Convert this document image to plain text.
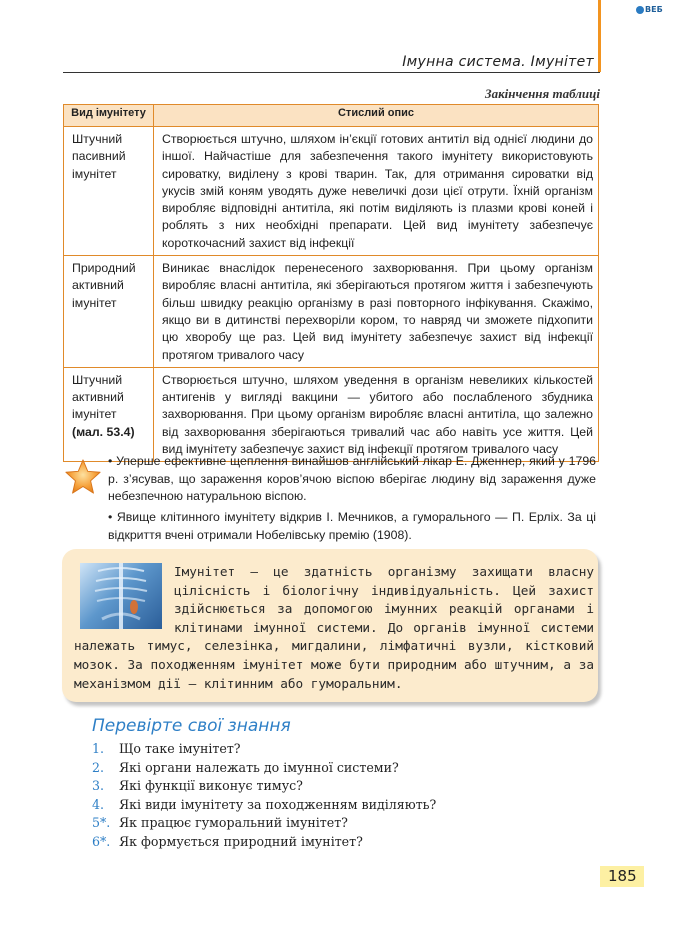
ВЕБ
Імунна система. Імунітет
Закінчення таблиці
Вид імунітету	Стислий опис
Штучний пасивний імунітет	Створюється штучно, шляхом ін’єкції готових антитіл від однієї людини до іншої. Найчастіше для забезпечення такого імунітету використовують сироватку, виділену з крові тварин. Так, для отримання сироватки від укусів змій коням уводять дуже невеличкі дози цієї отрути. Їхній організм виробляє відповідні антитіла, які потім виділяють із плазми крові коней і роблять з них необхідні препарати. Цей вид імунітету забезпечує короткочасний захист від інфекції
Природний активний імунітет	Виникає внаслідок перенесеного захворювання. При цьому організм виробляє власні антитіла, які зберігаються протягом життя і забезпечують більш швидку реакцію організму в разі повторного інфікування. Скажімо, якщо ви в дитинстві перехворіли кором, то навряд чи зможете підхопити цю хворобу ще раз. Цей вид імунітету забезпечує захист від інфекції протягом тривалого часу
Штучний активний імунітет (мал. 53.4)	Створюється штучно, шляхом уведення в організм невеликих кількостей антигенів у вигляді вакцини — убитого або послабленого збудника захворювання. При цьому організм виробляє власні антитіла, що залежно від захворювання зберігаються тривалий час або навіть усе життя. Цей вид імунітету забезпечує захист від інфекції протягом тривалого часу
• Уперше ефективне щеплення винайшов англійський лікар Е. Дженнер, який у 1796 р. з’ясував, що зараження коров’ячою віспою вберігає людину від зараження дуже небезпечною натуральною віспою.
• Явище клітинного імунітету відкрив І. Мечников, а гуморального — П. Ерліх. За ці відкриття вчені отримали Нобелівську премію (1908).
Імунітет — це здатність організму захищати власну цілісність і біологічну індивідуальність. Цей захист здійснюється за допомогою імунних реакцій органами і клітинами імунної системи. До органів імунної системи належать тимус, селезінка, мигдалини, лімфатичні вузли, кістковий мозок. За походженням імунітет може бути природним або штучним, а за механізмом дії — клітинним або гуморальним.
Перевірте свої знання
1. Що таке імунітет?
2. Які органи належать до імунної системи?
3. Які функції виконує тимус?
4. Які види імунітету за походженням виділяють?
5*. Як працює гуморальний імунітет?
6*. Як формується природний імунітет?
185
